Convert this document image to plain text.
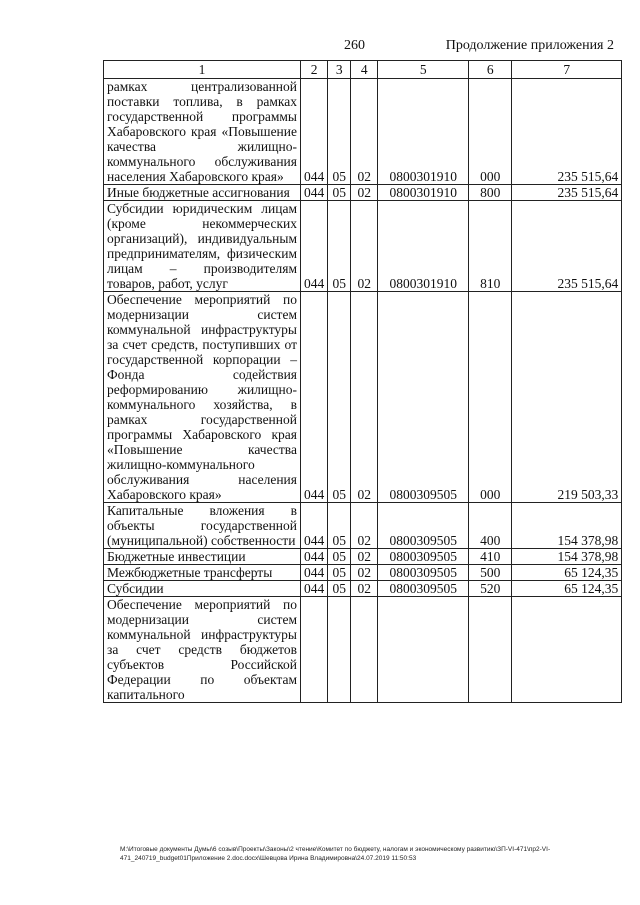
260	Продолжение приложения 2
1	2	3	4	5	6	7
рамках централизованной поставки топлива, в рамках государственной программы Хабаровского края «Повышение качества жилищно-коммунального обслуживания населения Хабаровского края»	044	05	02	0800301910	000	235 515,64
Иные бюджетные ассигнования	044	05	02	0800301910	800	235 515,64
Субсидии юридическим лицам (кроме некоммерческих организаций), индивидуальным предпринимателям, физическим лицам – производителям товаров, работ, услуг	044	05	02	0800301910	810	235 515,64
Обеспечение мероприятий по модернизации систем коммунальной инфраструктуры за счет средств, поступивших от государственной корпорации – Фонда содействия реформированию жилищно-коммунального хозяйства, в рамках государственной программы Хабаровского края «Повышение качества жилищно-коммунального обслуживания населения Хабаровского края»	044	05	02	0800309505	000	219 503,33
Капитальные вложения в объекты государственной (муниципальной) собственности	044	05	02	0800309505	400	154 378,98
Бюджетные инвестиции	044	05	02	0800309505	410	154 378,98
Межбюджетные трансферты	044	05	02	0800309505	500	65 124,35
Субсидии	044	05	02	0800309505	520	65 124,35
Обеспечение мероприятий по модернизации систем коммунальной инфраструктуры за счет средств бюджетов субъектов Российской Федерации по объектам капитального						
M:\Итоговые документы Думы\6 созыв\Проекты\Законы\2 чтение\Комитет по бюджету, налогам и экономическому развитию\ЗП-VI-471\пр2-VI-471_240719_budget01Приложение 2.doc.docx\Шевцова Ирина Владимировна\24.07.2019 11:50:53
